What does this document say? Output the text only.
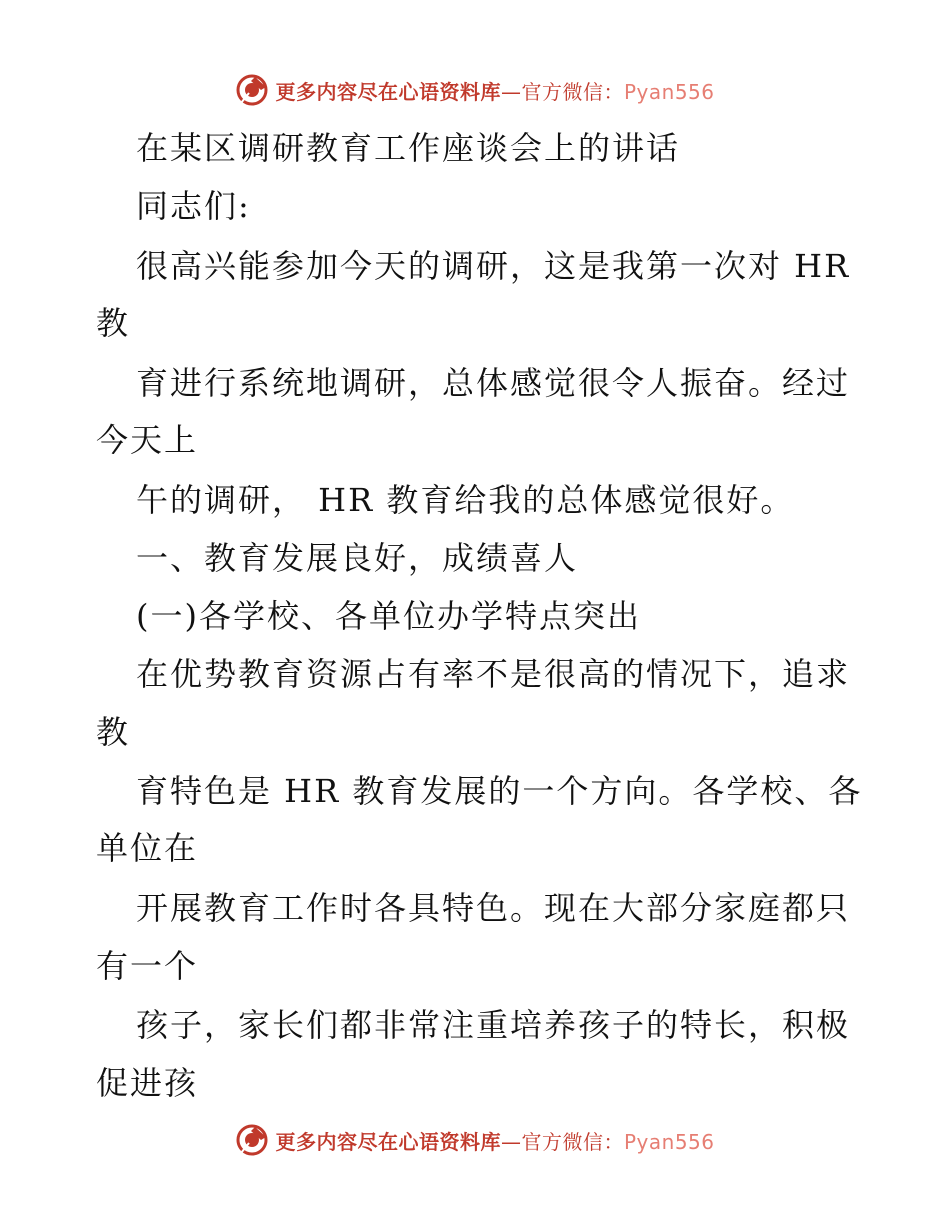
更多内容尽在心语资料库—官方微信：Pyan556
在某区调研教育工作座谈会上的讲话
同志们:
很高兴能参加今天的调研，这是我第一次对 HR
教
育进行系统地调研，总体感觉很令人振奋。经过
今天上
午的调研， HR 教育给我的总体感觉很好。
一、教育发展良好，成绩喜人
(一)各学校、各单位办学特点突出
在优势教育资源占有率不是很高的情况下，追求
教
育特色是 HR 教育发展的一个方向。各学校、各
单位在
开展教育工作时各具特色。现在大部分家庭都只
有一个
孩子，家长们都非常注重培养孩子的特长，积极
促进孩
更多内容尽在心语资料库—官方微信：Pyan556
